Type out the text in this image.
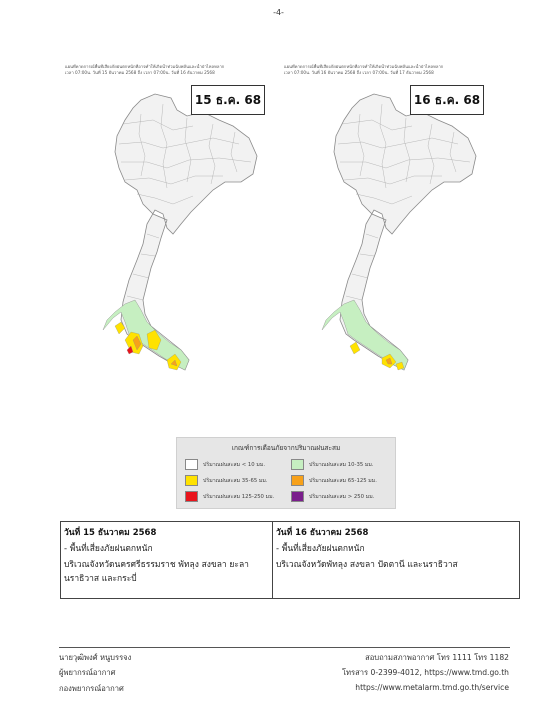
-4-
แผนที่คาดการณ์พื้นที่เสี่ยงภัยฝนตกหนักที่อาจทำให้เกิดน้ำท่วมฉับพลันและน้ำป่าไหลหลาก
เวลา 07:00น. วันที่ 15 ธันวาคม 2568 ถึง เวลา 07:00น. วันที่ 16 ธันวาคม 2568
15 ธ.ค. 68
แผนที่คาดการณ์พื้นที่เสี่ยงภัยฝนตกหนักที่อาจทำให้เกิดน้ำท่วมฉับพลันและน้ำป่าไหลหลาก
เวลา 07:00น. วันที่ 16 ธันวาคม 2568 ถึง เวลา 07:00น. วันที่ 17 ธันวาคม 2568
16 ธ.ค. 68
เกณฑ์การเตือนภัยจากปริมาณฝนสะสม
ปริมาณฝนสะสม < 10 มม.	ปริมาณฝนสะสม 10-35 มม.
ปริมาณฝนสะสม 35-65 มม.	ปริมาณฝนสะสม 65-125 มม.
ปริมาณฝนสะสม 125-250 มม.	ปริมาณฝนสะสม > 250 มม.
วันที่ 15 ธันวาคม 2568
- พื้นที่เสี่ยงภัยฝนตกหนัก
บริเวณจังหวัดนครศรีธรรมราช พัทลุง สงขลา ยะลา
นราธิวาส และกระบี่
วันที่ 16 ธันวาคม 2568
- พื้นที่เสี่ยงภัยฝนตกหนัก
บริเวณจังหวัดพัทลุง สงขลา ปัตตานี และนราธิวาส
นายวุฒิพงศ์ หนูบรรจง
ผู้พยากรณ์อากาศ
กองพยากรณ์อากาศ
สอบถามสภาพอากาศ โทร 1111 โทร 1182
โทรสาร 0-2399-4012, https://www.tmd.go.th
https://www.metalarm.tmd.go.th/service
